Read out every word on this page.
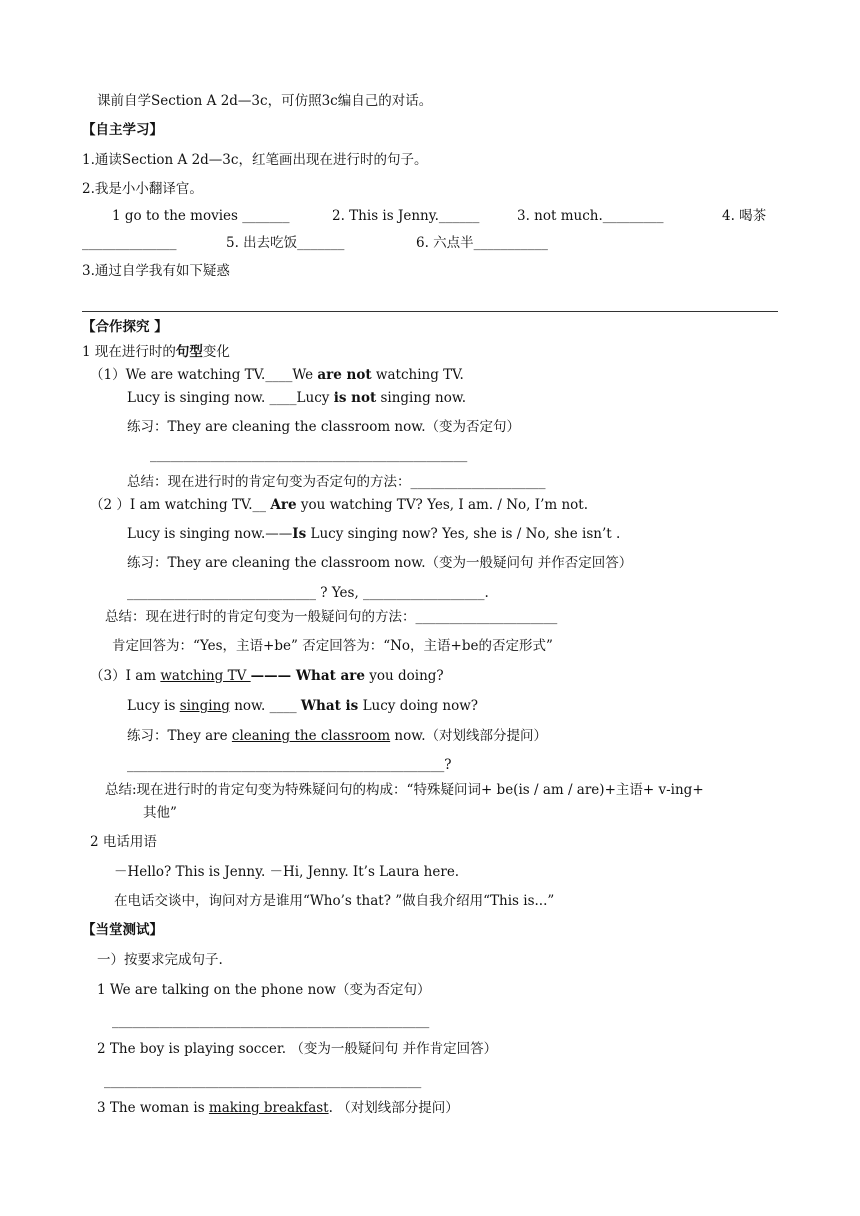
课前自学Section A 2d—3c，可仿照3c编自己的对话。
【自主学习】
1.通读Section A 2d—3c，红笔画出现在进行时的句子。
2.我是小小翻译官。
1 go to the movies _______	2. This is Jenny.______	3. not much._________	4. 喝茶
______________	5. 出去吃饭_______	6. 六点半___________
3.通过自学我有如下疑惑
【合作探究 】
1 现在进行时的句型变化
（1）We are watching TV.____We are not watching TV.
Lucy is singing now. ____Lucy is not singing now.
练习：They are cleaning the classroom now.（变为否定句）
_______________________________________________
总结：现在进行时的肯定句变为否定句的方法：____________________
（2 ）I am watching TV.__ Are you watching TV? Yes, I am. / No, I’m not.
Lucy is singing now.——Is Lucy singing now? Yes, she is / No, she isn’t .
练习：They are cleaning the classroom now.（变为一般疑问句 并作否定回答）
____________________________ ? Yes, __________________.
总结：现在进行时的肯定句变为一般疑问句的方法：_____________________
肯定回答为：“Yes，主语+be” 否定回答为：“No，主语+be的否定形式”
（3）I am watching TV ——— What are you doing?
Lucy is singing now. ____ What is Lucy doing now?
练习：They are cleaning the classroom now.（对划线部分提问）
_______________________________________________?
总结:现在进行时的肯定句变为特殊疑问句的构成：“特殊疑问词+ be(is / am / are)+主语+ v-ing+
其他”
2 电话用语
－Hello? This is Jenny. －Hi, Jenny. It’s Laura here.
在电话交谈中，询问对方是谁用“Who’s that? ”做自我介绍用“This is...”
【当堂测试】
一）按要求完成句子.
1 We are talking on the phone now（变为否定句）
_______________________________________________
2 The boy is playing soccer. （变为一般疑问句 并作肯定回答）
_______________________________________________
3 The woman is making breakfast. （对划线部分提问）
